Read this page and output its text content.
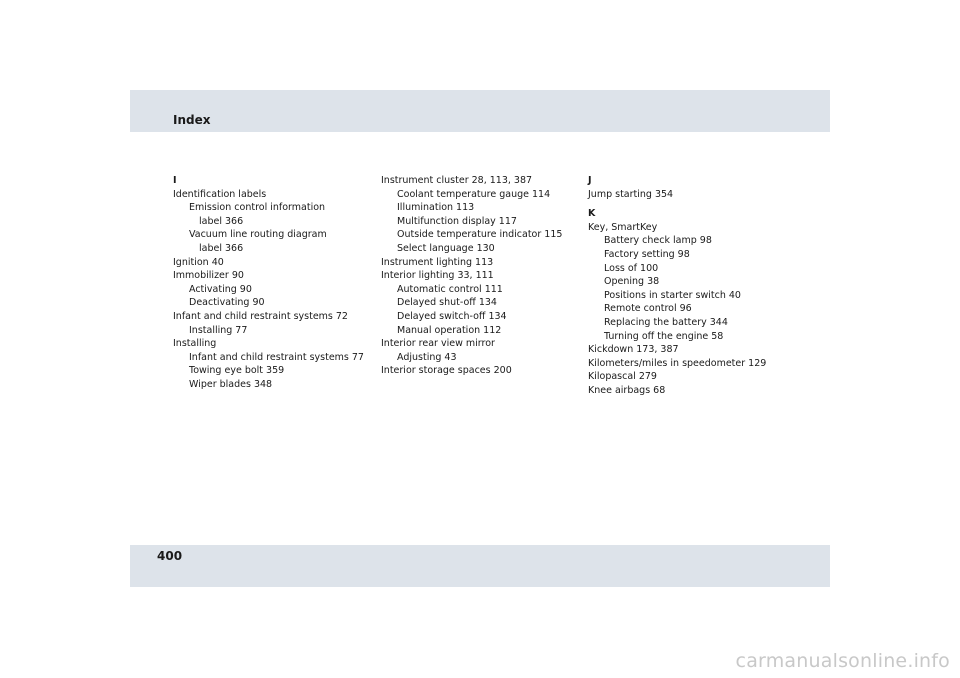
Index
I
Identification labels
Emission control information
label 366
Vacuum line routing diagram
label 366
Ignition 40
Immobilizer 90
Activating 90
Deactivating 90
Infant and child restraint systems 72
Installing 77
Installing
Infant and child restraint systems 77
Towing eye bolt 359
Wiper blades 348
Instrument cluster 28, 113, 387
Coolant temperature gauge 114
Illumination 113
Multifunction display 117
Outside temperature indicator 115
Select language 130
Instrument lighting 113
Interior lighting 33, 111
Automatic control 111
Delayed shut-off 134
Delayed switch-off 134
Manual operation 112
Interior rear view mirror
Adjusting 43
Interior storage spaces 200
J
Jump starting 354
K
Key, SmartKey
Battery check lamp 98
Factory setting 98
Loss of 100
Opening 38
Positions in starter switch 40
Remote control 96
Replacing the battery 344
Turning off the engine 58
Kickdown 173, 387
Kilometers/miles in speedometer 129
Kilopascal 279
Knee airbags 68
400
carmanualsonline.info
